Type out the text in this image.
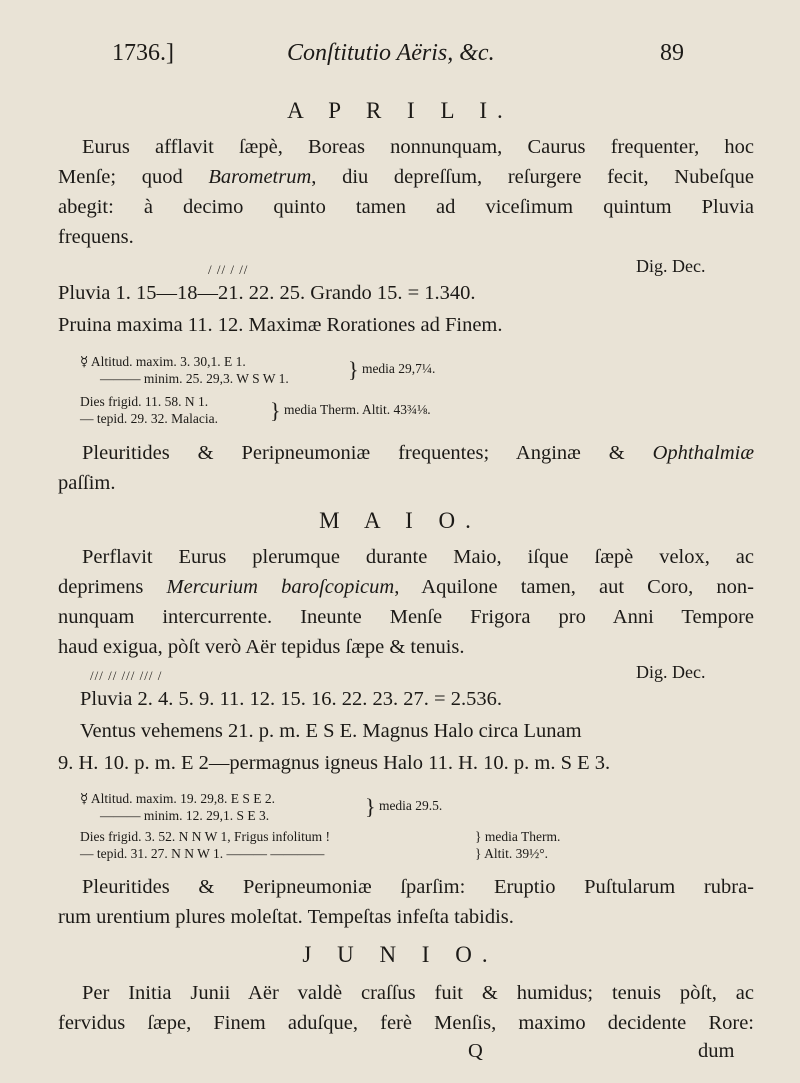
1736.]	Conſtitutio Aëris, &c.	89
A P R I L I.
Eurus afflavit ſæpè, Boreas nonnunquam, Caurus frequenter, hoc
Menſe; quod Barometrum, diu depreſſum, reſurgere fecit, Nubeſque
abegit: à decimo quinto tamen ad viceſimum quintum Pluvia
frequens.
/ // / //	Dig. Dec.
Pluvia 1. 15—18—21. 22. 25. Grando 15. = 1.340.
Pruina maxima 11. 12. Maximæ Rorationes ad Finem.
☿ Altitud. maxim. 3. 30,1. E 1.
——— minim. 25. 29,3. W S W 1.	} media 29,7¼.
Dies frigid. 11. 58. N 1.
— tepid. 29. 32. Malacia. } media Therm. Altit. 43¾⅛.
Pleuritides & Peripneumoniæ frequentes; Anginæ & Ophthalmiæ
paſſim.
M A I O.
Perflavit Eurus plerumque durante Maio, iſque ſæpè velox, ac
deprimens Mercurium baroſcopicum, Aquilone tamen, aut Coro, non-
nunquam intercurrente. Ineunte Menſe Frigora pro Anni Tempore
haud exigua, pòſt verò Aër tepidus ſæpe & tenuis.
/// // /// /// /	Dig. Dec.
Pluvia 2. 4. 5. 9. 11. 12. 15. 16. 22. 23. 27. = 2.536.
Ventus vehemens 21. p. m. E S E. Magnus Halo circa Lunam
9. H. 10. p. m. E 2—permagnus igneus Halo 11. H. 10. p. m. S E 3.
☿ Altitud. maxim. 19. 29,8. E S E 2.
——— minim. 12. 29,1. S E 3.	} media 29.5.
Dies frigid. 3. 52. N N W 1, Frigus infolitum !
— tepid. 31. 27. N N W 1. ——— ————
} media Therm.
} Altit. 39½°.
Pleuritides & Peripneumoniæ ſparſim: Eruptio Puſtularum rubra-
rum urentium plures moleſtat. Tempeſtas infeſta tabidis.
J U N I O.
Per Initia Junii Aër valdè craſſus fuit & humidus; tenuis pòſt, ac
fervidus ſæpe, Finem aduſque, ferè Menſis, maximo decidente Rore:
Q	dum
